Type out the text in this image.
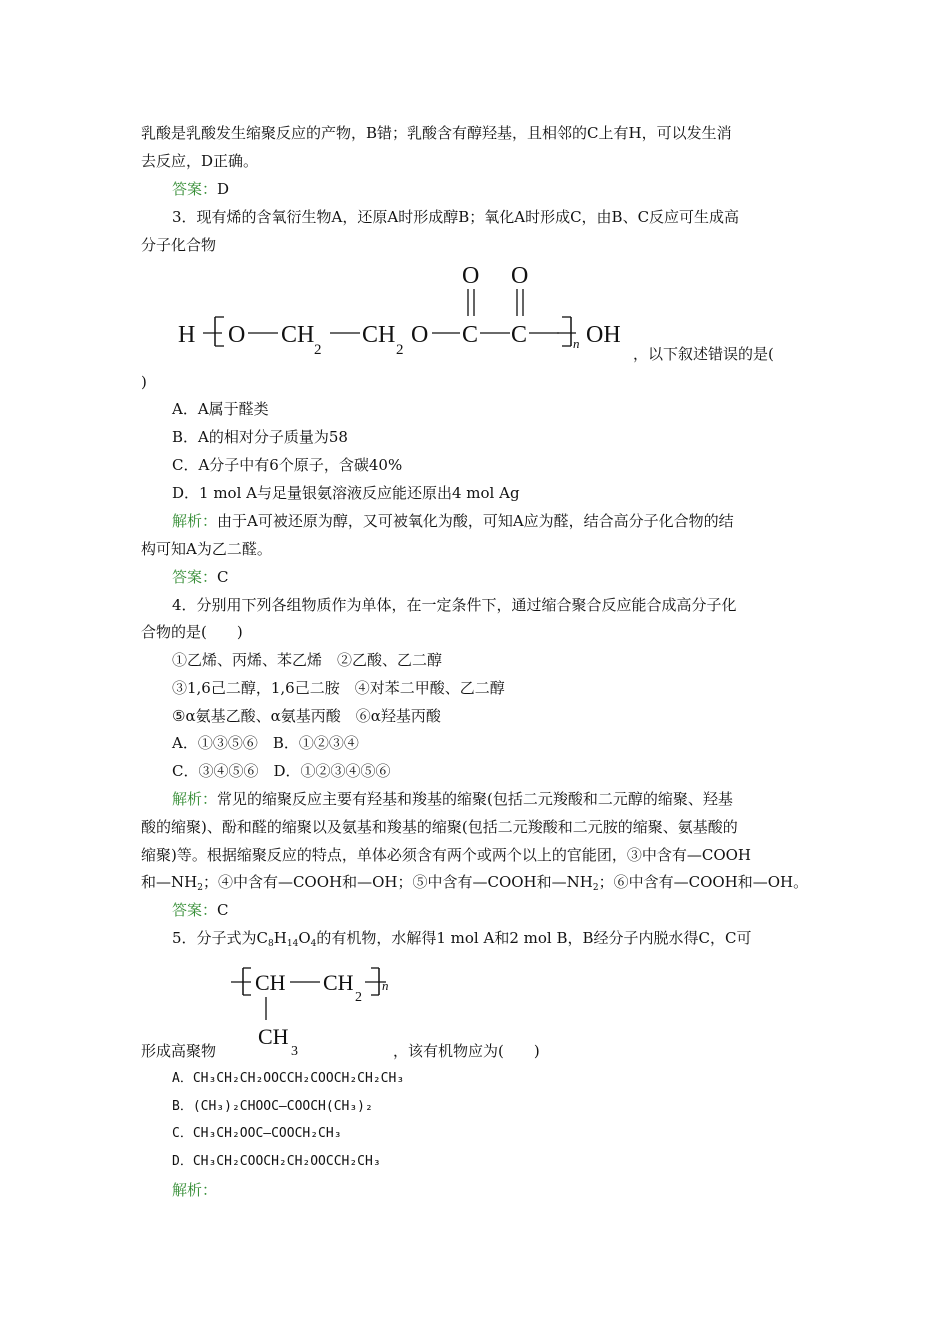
乳酸是乳酸发生缩聚反应的产物，B错；乳酸含有醇羟基，且相邻的C上有H，可以发生消
去反应，D正确。
答案：D
3．现有烯的含氧衍生物A，还原A时形成醇B；氧化A时形成C，由B、C反应可生成高
分子化合物
O O
H O CH
2
CH
2
O C C	n OH
CH CH
2
n
CH
3
，以下叙述错误的是(
)
A．A属于醛类
B．A的相对分子质量为58
C．A分子中有6个原子，含碳40%
D．1 mol A与足量银氨溶液反应能还原出4 mol Ag
解析：由于A可被还原为醇，又可被氧化为酸，可知A应为醛，结合高分子化合物的结
构可知A为乙二醛。
答案：C
4．分别用下列各组物质作为单体，在一定条件下，通过缩合聚合反应能合成高分子化
合物的是(　　)
①乙烯、丙烯、苯乙烯　②乙酸、乙二醇
③1,6己二醇，1,6己二胺　④对苯二甲酸、乙二醇
⑤α氨基乙酸、α氨基丙酸　⑥α羟基丙酸
A．①③⑤⑥　B．①②③④
C．③④⑤⑥　D．①②③④⑤⑥
解析：常见的缩聚反应主要有羟基和羧基的缩聚(包括二元羧酸和二元醇的缩聚、羟基
酸的缩聚)、酚和醛的缩聚以及氨基和羧基的缩聚(包括二元羧酸和二元胺的缩聚、氨基酸的
缩聚)等。根据缩聚反应的特点，单体必须含有两个或两个以上的官能团，③中含有—COOH
和$—NH_2$；④中含有—COOH和—OH；⑤中含有—COOH和$—NH_2$；⑥中含有—COOH和—OH。
答案：C
5．分子式为$C_8H_{14}O_4$的有机物，水解得1 mol A和2 mol B，B经分子内脱水得C，C可
形成高聚物	，该有机物应为(　　)
A．CH₃CH₂CH₂OOCCH₂COOCH₂CH₂CH₃
B．(CH₃)₂CHOOC—COOCH(CH₃)₂
C．CH₃CH₂OOC—COOCH₂CH₃
D．CH₃CH₂COOCH₂CH₂OOCCH₂CH₃
解析：
